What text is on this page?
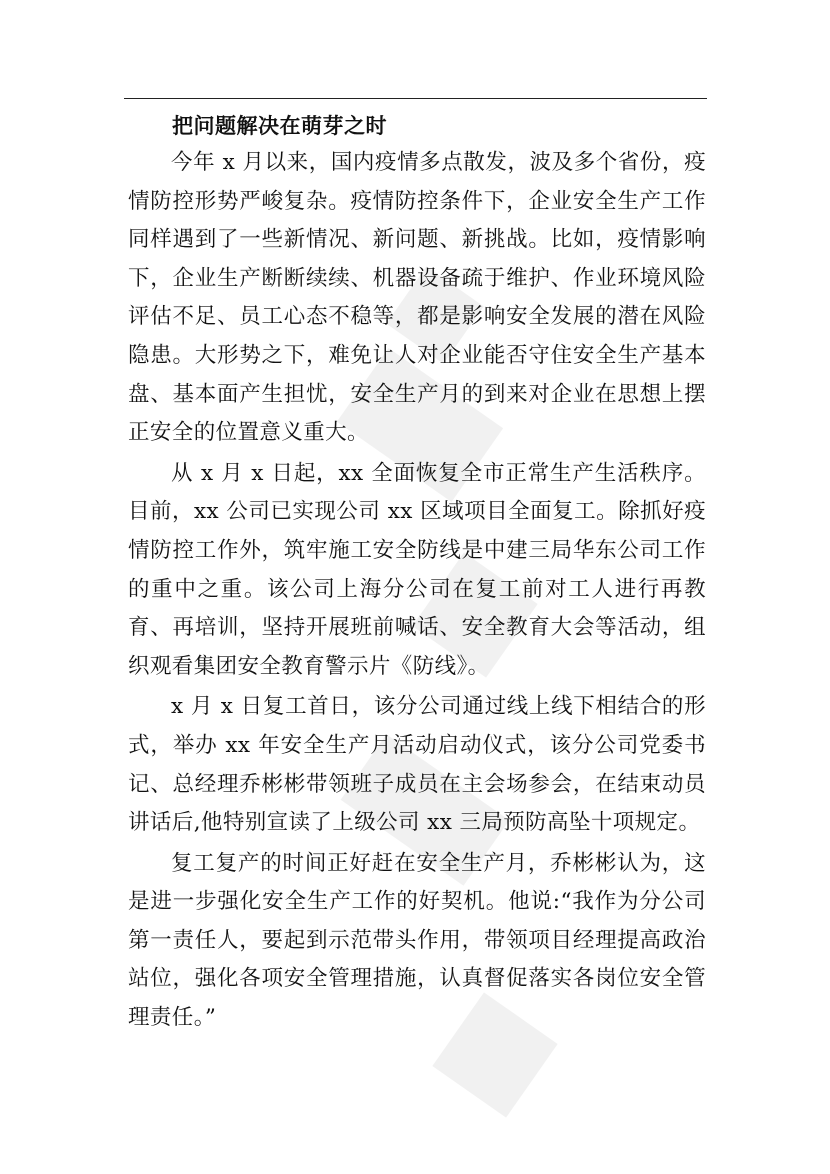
把问题解决在萌芽之时

今年 x 月以来，国内疫情多点散发，波及多个省份，疫情防控形势严峻复杂。疫情防控条件下，企业安全生产工作同样遇到了一些新情况、新问题、新挑战。比如，疫情影响下，企业生产断断续续、机器设备疏于维护、作业环境风险评估不足、员工心态不稳等，都是影响安全发展的潜在风险隐患。大形势之下，难免让人对企业能否守住安全生产基本盘、基本面产生担忧，安全生产月的到来对企业在思想上摆正安全的位置意义重大。

从 x 月 x 日起，xx 全面恢复全市正常生产生活秩序。目前，xx 公司已实现公司 xx 区域项目全面复工。除抓好疫情防控工作外，筑牢施工安全防线是中建三局华东公司工作的重中之重。该公司上海分公司在复工前对工人进行再教育、再培训，坚持开展班前喊话、安全教育大会等活动，组织观看集团安全教育警示片《防线》。

x 月 x 日复工首日，该分公司通过线上线下相结合的形式，举办 xx 年安全生产月活动启动仪式，该分公司党委书记、总经理乔彬彬带领班子成员在主会场参会，在结束动员讲话后,他特别宣读了上级公司 xx 三局预防高坠十项规定。

复工复产的时间正好赶在安全生产月，乔彬彬认为，这是进一步强化安全生产工作的好契机。他说:“我作为分公司第一责任人，要起到示范带头作用，带领项目经理提高政治站位，强化各项安全管理措施，认真督促落实各岗位安全管理责任。”
